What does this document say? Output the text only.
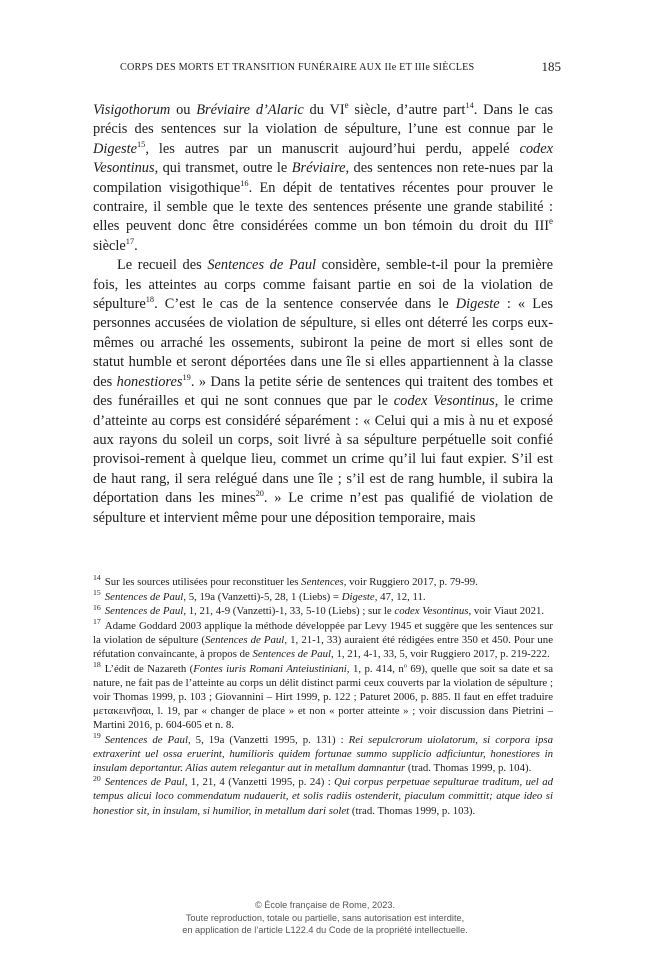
CORPS DES MORTS ET TRANSITION FUNÉRAIRE AUX IIe ET IIIe SIÈCLES	185

Visigothorum ou Bréviaire d’Alaric du VIe siècle, d’autre part$^{14}$. Dans le cas précis des sentences sur la violation de sépulture, l’une est connue par le Digeste$^{15}$, les autres par un manuscrit aujourd’hui perdu, appelé codex Vesontinus, qui transmet, outre le Bréviaire, des sentences non rete-nues par la compilation visigothique$^{16}$. En dépit de tentatives récentes pour prouver le contraire, il semble que le texte des sentences présente une grande stabilité : elles peuvent donc être considérées comme un bon témoin du droit du IIIe siècle$^{17}$.

Le recueil des Sentences de Paul considère, semble-t-il pour la première fois, les atteintes au corps comme faisant partie en soi de la violation de sépulture$^{18}$. C’est le cas de la sentence conservée dans le Digeste : « Les personnes accusées de violation de sépulture, si elles ont déterré les corps eux-mêmes ou arraché les ossements, subiront la peine de mort si elles sont de statut humble et seront déportées dans une île si elles appartiennent à la classe des honestiores$^{19}$. » Dans la petite série de sentences qui traitent des tombes et des funérailles et qui ne sont connues que par le codex Vesontinus, le crime d’atteinte au corps est considéré séparément : « Celui qui a mis à nu et exposé aux rayons du soleil un corps, soit livré à sa sépulture perpétuelle soit confié provisoi-rement à quelque lieu, commet un crime qu’il lui faut expier. S’il est de haut rang, il sera relégué dans une île ; s’il est de rang humble, il subira la déportation dans les mines$^{20}$. » Le crime n’est pas qualifié de violation de sépulture et intervient même pour une déposition temporaire, mais

$^{14}$ Sur les sources utilisées pour reconstituer les Sentences, voir Ruggiero 2017, p. 79-99.

$^{15}$ Sentences de Paul, 5, 19a (Vanzetti)-5, 28, 1 (Liebs) = Digeste, 47, 12, 11.

$^{16}$ Sentences de Paul, 1, 21, 4-9 (Vanzetti)-1, 33, 5-10 (Liebs) ; sur le codex Vesontinus, voir Viaut 2021.

$^{17}$ Adame Goddard 2003 applique la méthode développée par Levy 1945 et suggère que les sentences sur la violation de sépulture (Sentences de Paul, 1, 21-1, 33) auraient été rédigées entre 350 et 450. Pour une réfutation convaincante, à propos de Sentences de Paul, 1, 21, 4-1, 33, 5, voir Ruggiero 2017, p. 219-222.

$^{18}$ L’édit de Nazareth (Fontes iuris Romani Anteiustiniani, 1, p. 414, $n^o$ 69), quelle que soit sa date et sa nature, ne fait pas de l’atteinte au corps un délit distinct parmi ceux couverts par la violation de sépulture ; voir Thomas 1999, p. 103 ; Giovannini – Hirt 1999, p. 122 ; Paturet 2006, p. 885. Il faut en effet traduire μετακεινῆσαι, l. 19, par « changer de place » et non « porter atteinte » ; voir discussion dans Pietrini – Martini 2016, p. 604-605 et n. 8.

$^{19}$ Sentences de Paul, 5, 19a (Vanzetti 1995, p. 131) : Rei sepulcrorum uiolatorum, si corpora ipsa extraxerint uel ossa eruerint, humilioris quidem fortunae summo supplicio adficiuntur, honestiores in insulam deportantur. Alias autem relegantur aut in metallum damnantur (trad. Thomas 1999, p. 104).

$^{20}$ Sentences de Paul, 1, 21, 4 (Vanzetti 1995, p. 24) : Qui corpus perpetuae sepulturae traditum, uel ad tempus alicui loco commendatum nudauerit, et solis radiis ostenderit, piaculum committit; atque ideo si honestior sit, in insulam, si humilior, in metallum dari solet (trad. Thomas 1999, p. 103).

© École française de Rome, 2023.
Toute reproduction, totale ou partielle, sans autorisation est interdite,
en application de l’article L122.4 du Code de la propriété intellectuelle.
